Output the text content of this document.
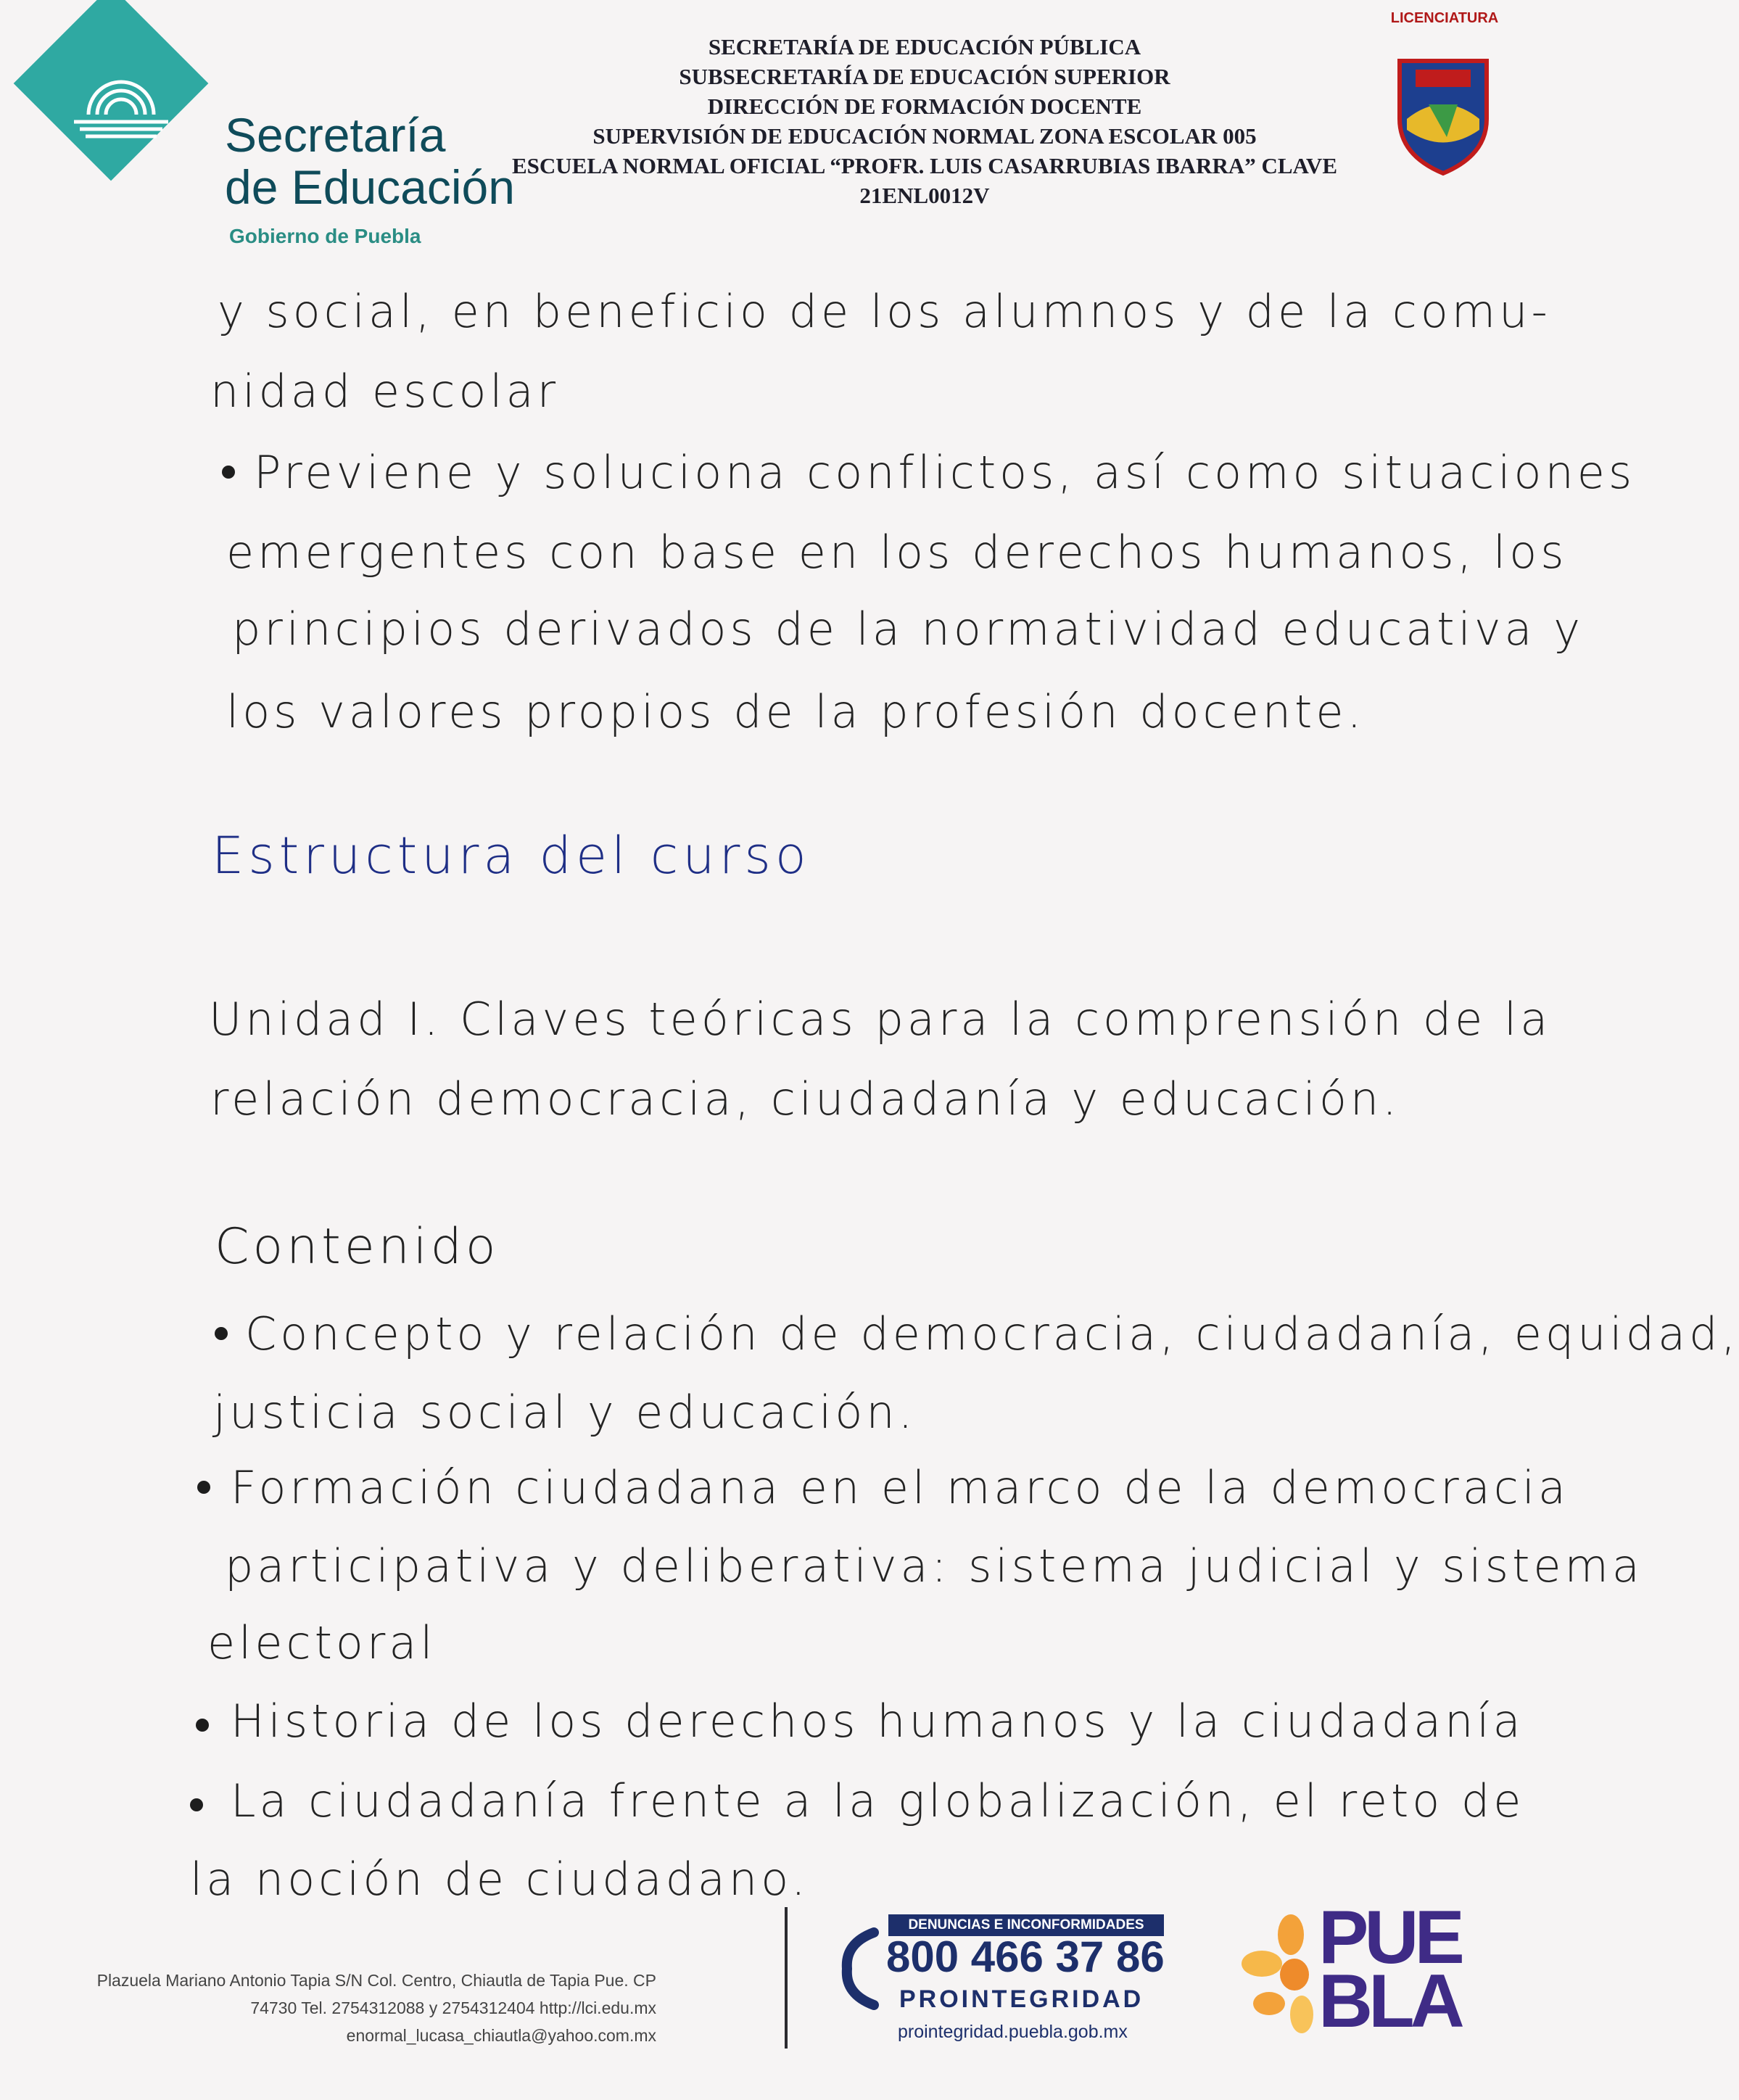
Secretaría
de Educación
Gobierno de Puebla
SECRETARÍA DE EDUCACIÓN PÚBLICA
SUBSECRETARÍA DE EDUCACIÓN SUPERIOR
DIRECCIÓN DE FORMACIÓN DOCENTE
SUPERVISIÓN DE EDUCACIÓN NORMAL ZONA ESCOLAR 005
ESCUELA NORMAL OFICIAL “PROFR. LUIS CASARRUBIAS IBARRA” CLAVE
21ENL0012V
LICENCIATURA
y social, en beneficio de los alumnos y de la comu-
nidad escolar
Previene y soluciona conflictos, así como situaciones
emergentes con base en los derechos humanos, los
principios derivados de la normatividad educativa y
los valores propios de la profesión docente.
Estructura del curso
Unidad I. Claves teóricas para la comprensión de la
relación democracia, ciudadanía y educación.
Contenido
Concepto y relación de democracia, ciudadanía, equidad,
justicia social y educación.
Formación ciudadana en el marco de la democracia
participativa y deliberativa: sistema judicial y sistema
electoral
Historia de los derechos humanos y la ciudadanía
La ciudadanía frente a la globalización, el reto de
la noción de ciudadano.
Plazuela Mariano Antonio Tapia S/N Col. Centro, Chiautla de Tapia Pue. CP
74730 Tel. 2754312088 y 2754312404 http://lci.edu.mx
enormal_lucasa_chiautla@yahoo.com.mx
DENUNCIAS E INCONFORMIDADES
800 466 37 86
PROINTEGRIDAD
prointegridad.puebla.gob.mx
PUE
BLA
